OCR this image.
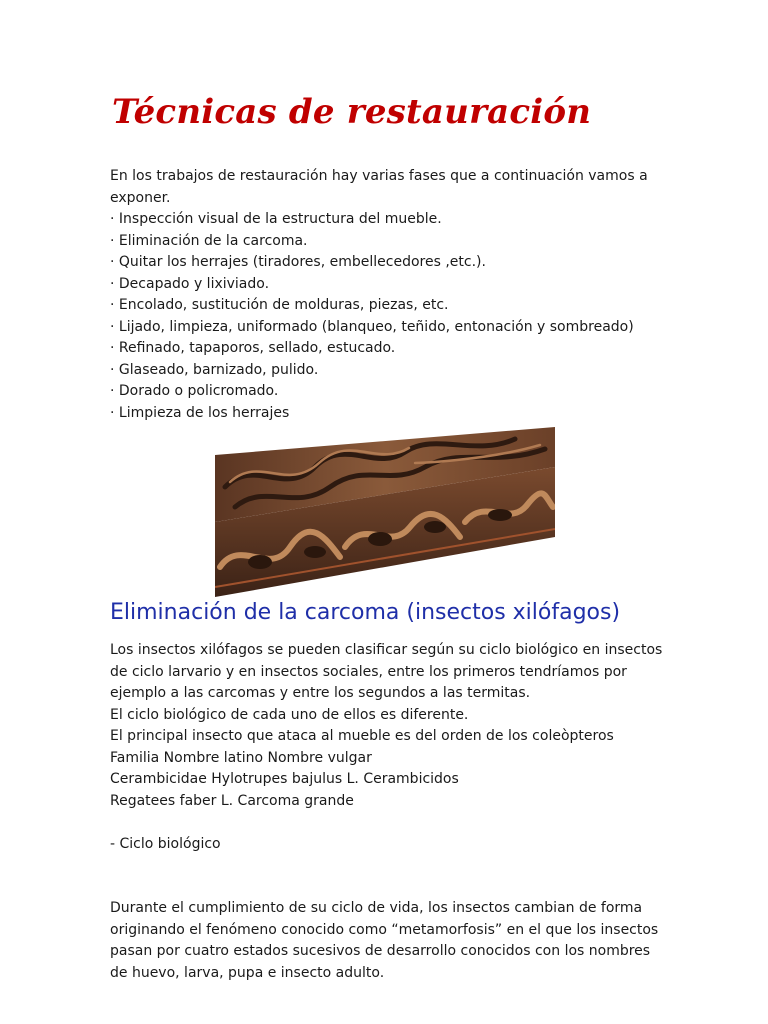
Técnicas de restauración

En los trabajos de restauración hay varias fases que a continuación vamos a exponer.

· Inspección visual de la estructura del mueble.
· Eliminación de la carcoma.
· Quitar los herrajes (tiradores, embellecedores ,etc.).
· Decapado y lixiviado.
· Encolado, sustitución de molduras, piezas, etc.
· Lijado, limpieza, uniformado (blanqueo, teñido, entonación y sombreado)
· Refinado, tapaporos, sellado, estucado.
· Glaseado, barnizado, pulido.
· Dorado o policromado.
· Limpieza de los herrajes
Eliminación de la carcoma (insectos xilófagos)

Los insectos xilófagos se pueden clasificar según su ciclo biológico en insectos de ciclo larvario y en insectos sociales, entre los primeros tendríamos por ejemplo a las carcomas y entre los segundos a las termitas.

El ciclo biológico de cada uno de ellos es diferente.

El principal insecto que ataca al mueble es del orden de los coleòpteros

Familia Nombre latino Nombre vulgar

Cerambicidae Hylotrupes bajulus L. Cerambicidos

Regatees faber L. Carcoma grande

- Ciclo biológico

Durante el cumplimiento de su ciclo de vida, los insectos cambian de forma originando el fenómeno conocido como “metamorfosis” en el que los insectos pasan por cuatro estados sucesivos de desarrollo conocidos con los nombres de huevo, larva, pupa e insecto adulto.
